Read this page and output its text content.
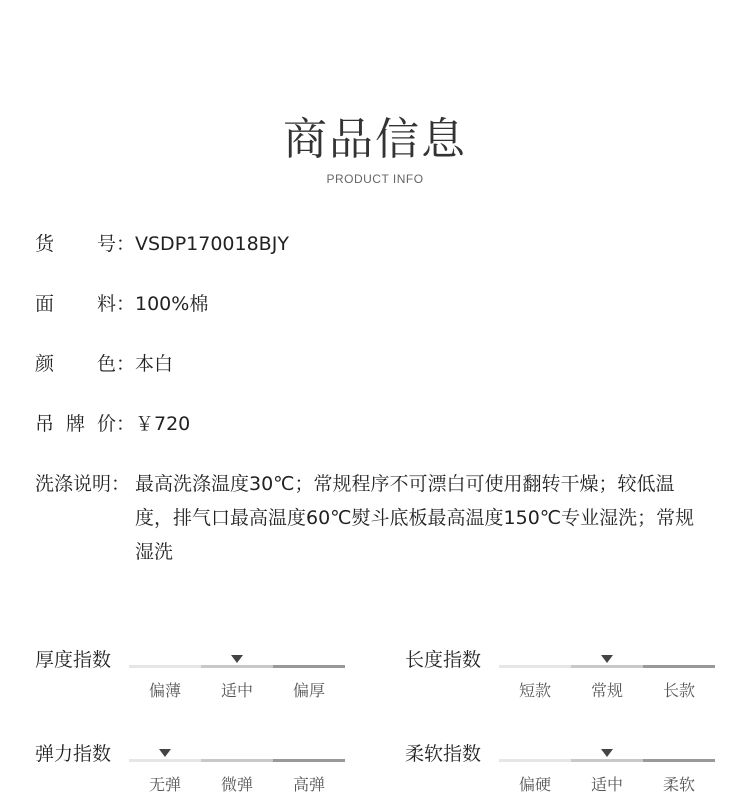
商品信息
PRODUCT INFO
货 号： VSDP170018BJY
面 料： 100%棉
颜 色： 本白
吊 牌 价： ￥720
洗涤说明： 最高洗涤温度30℃；常规程序不可漂白可使用翻转干燥；较低温
度，排气口最高温度60℃熨斗底板最高温度150℃专业湿洗；常规
湿洗
厚度指数
偏薄	适中	偏厚
长度指数
短款	常规	长款
弹力指数
无弹	微弹	高弹
柔软指数
偏硬	适中	柔软
